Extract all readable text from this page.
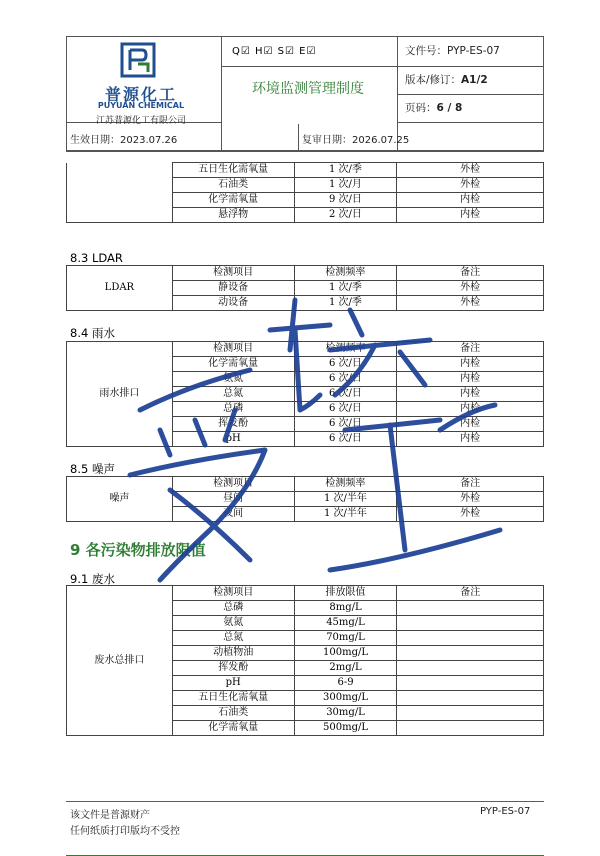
普源化工
PUYUAN CHEMICAL
江苏普源化工有限公司
Q☑ H☑ S☑ E☑
环境监测管理制度
文件号：PYP-ES-07
版本/修订：A1/2
页码：6 / 8
生效日期：2023.07.26	复审日期：2026.07.25
	五日生化需氧量	1 次/季	外检
	石油类	1 次/月	外检
	化学需氧量	9 次/日	内检
	悬浮物	2 次/日	内检
8.3 LDAR
LDAR	检测项目	检测频率	备注
	静设备	1 次/季	外检
	动设备	1 次/季	外检
8.4 雨水
雨水排口	检测项目	检测频率	备注
	化学需氧量	6 次/日	内检
	氨氮	6 次/日	内检
	总氮	6 次/日	内检
	总磷	6 次/日	内检
	挥发酚	6 次/日	内检
	pH	6 次/日	内检
8.5 噪声
噪声	检测项目	检测频率	备注
	昼间	1 次/半年	外检
	夜间	1 次/半年	外检
9 各污染物排放限值
9.1 废水
废水总排口	检测项目	排放限值	备注
	总磷	8mg/L	
	氨氮	45mg/L	
	总氮	70mg/L	
	动植物油	100mg/L	
	挥发酚	2mg/L	
	pH	6-9	
	五日生化需氧量	300mg/L	
	石油类	30mg/L	
	化学需氧量	500mg/L	
该文件是普源财产
任何纸质打印版均不受控
PYP-ES-07
